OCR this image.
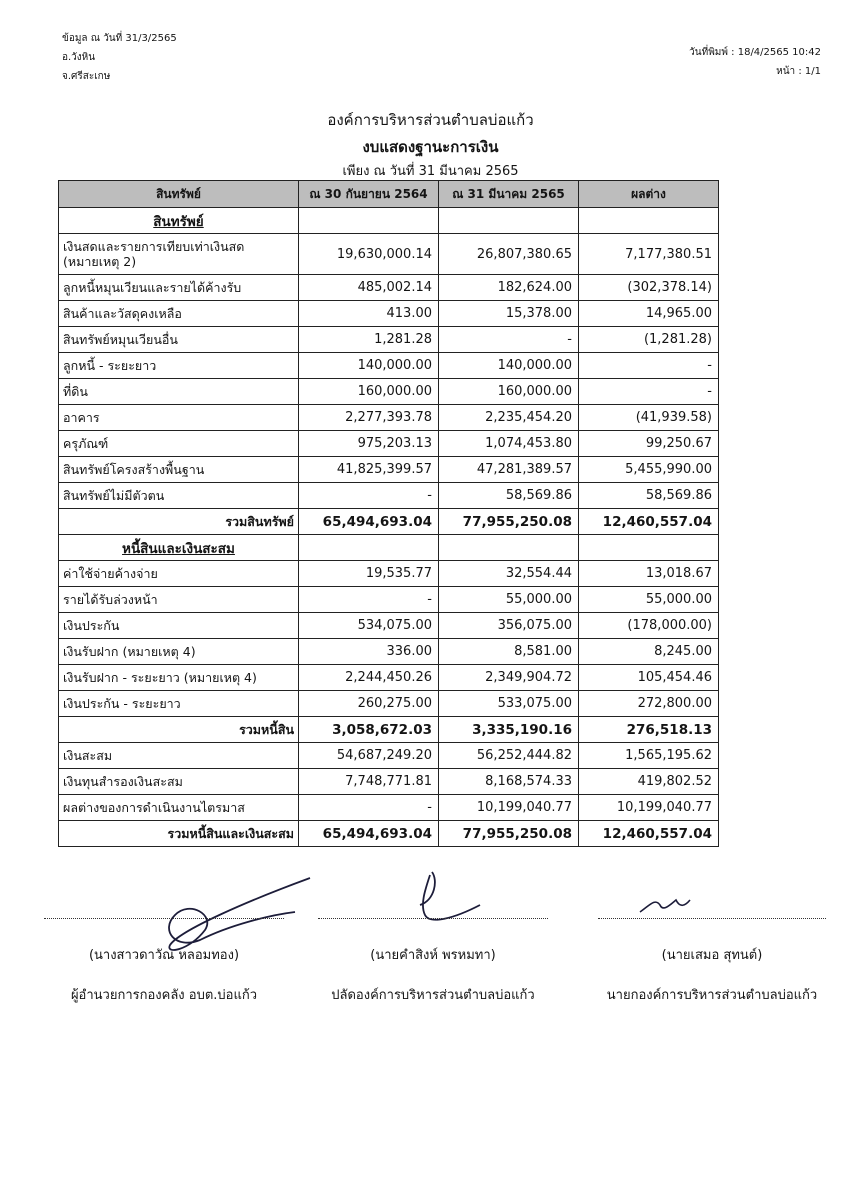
ข้อมูล ณ วันที่ 31/3/2565
อ.วังหิน
จ.ศรีสะเกษ
วันที่พิมพ์ : 18/4/2565 10:42
หน้า : 1/1
องค์การบริหารส่วนตำบลบ่อแก้ว
งบแสดงฐานะการเงิน
เพียง ณ วันที่ 31 มีนาคม 2565
สินทรัพย์	ณ 30 กันยายน 2564	ณ 31 มีนาคม 2565	ผลต่าง
สินทรัพย์			
เงินสดและรายการเทียบเท่าเงินสด (หมายเหตุ 2)	19,630,000.14	26,807,380.65	7,177,380.51
ลูกหนี้หมุนเวียนและรายได้ค้างรับ	485,002.14	182,624.00	(302,378.14)
สินค้าและวัสดุคงเหลือ	413.00	15,378.00	14,965.00
สินทรัพย์หมุนเวียนอื่น	1,281.28	-	(1,281.28)
ลูกหนี้ - ระยะยาว	140,000.00	140,000.00	-
ที่ดิน	160,000.00	160,000.00	-
อาคาร	2,277,393.78	2,235,454.20	(41,939.58)
ครุภัณฑ์	975,203.13	1,074,453.80	99,250.67
สินทรัพย์โครงสร้างพื้นฐาน	41,825,399.57	47,281,389.57	5,455,990.00
สินทรัพย์ไม่มีตัวตน	-	58,569.86	58,569.86
รวมสินทรัพย์	65,494,693.04	77,955,250.08	12,460,557.04
หนี้สินและเงินสะสม			
ค่าใช้จ่ายค้างจ่าย	19,535.77	32,554.44	13,018.67
รายได้รับล่วงหน้า	-	55,000.00	55,000.00
เงินประกัน	534,075.00	356,075.00	(178,000.00)
เงินรับฝาก (หมายเหตุ 4)	336.00	8,581.00	8,245.00
เงินรับฝาก - ระยะยาว (หมายเหตุ 4)	2,244,450.26	2,349,904.72	105,454.46
เงินประกัน - ระยะยาว	260,275.00	533,075.00	272,800.00
รวมหนี้สิน	3,058,672.03	3,335,190.16	276,518.13
เงินสะสม	54,687,249.20	56,252,444.82	1,565,195.62
เงินทุนสำรองเงินสะสม	7,748,771.81	8,168,574.33	419,802.52
ผลต่างของการดำเนินงานไตรมาส	-	10,199,040.77	10,199,040.77
รวมหนี้สินและเงินสะสม	65,494,693.04	77,955,250.08	12,460,557.04
(นางสาวดาวัณ หลอมทอง)	(นายคำสิงห์ พรหมทา)	(นายเสมอ สุทนต์)
ผู้อำนวยการกองคลัง อบต.บ่อแก้ว	ปลัดองค์การบริหารส่วนตำบลบ่อแก้ว	นายกองค์การบริหารส่วนตำบลบ่อแก้ว
